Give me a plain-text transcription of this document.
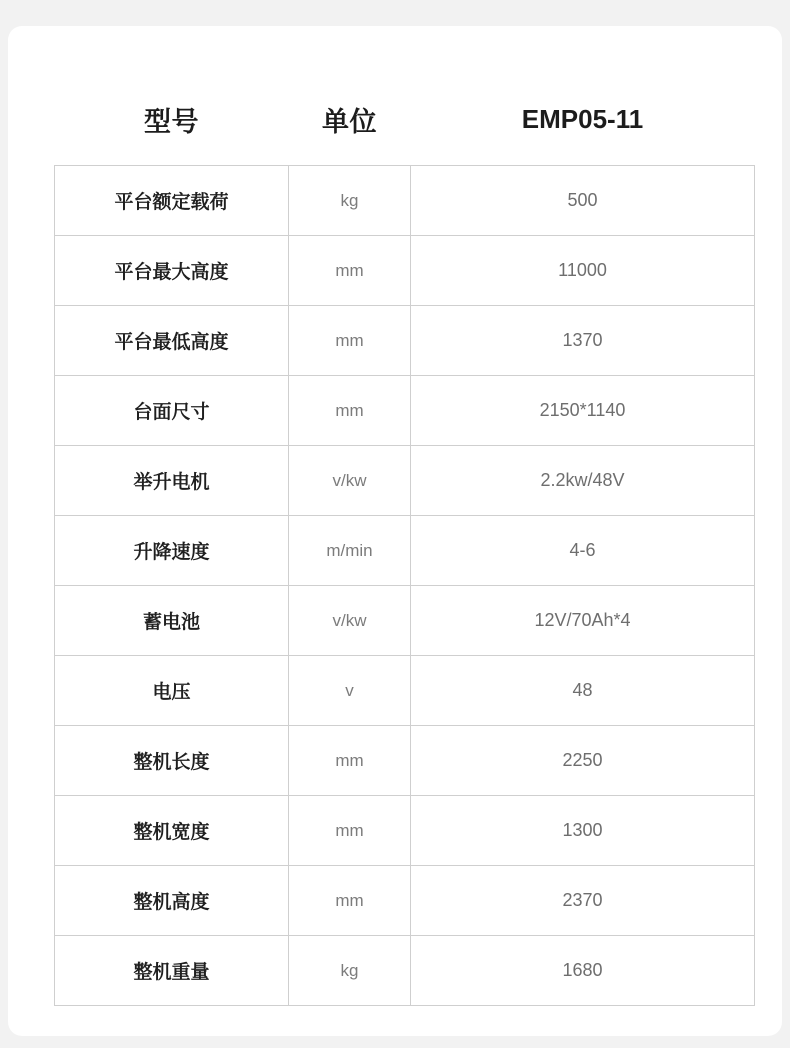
型号	单位	EMP05-11
平台额定载荷	kg	500
平台最大高度	mm	11000
平台最低高度	mm	1370
台面尺寸	mm	2150*1140
举升电机	v/kw	2.2kw/48V
升降速度	m/min	4-6
蓄电池	v/kw	12V/70Ah*4
电压	v	48
整机长度	mm	2250
整机宽度	mm	1300
整机高度	mm	2370
整机重量	kg	1680
